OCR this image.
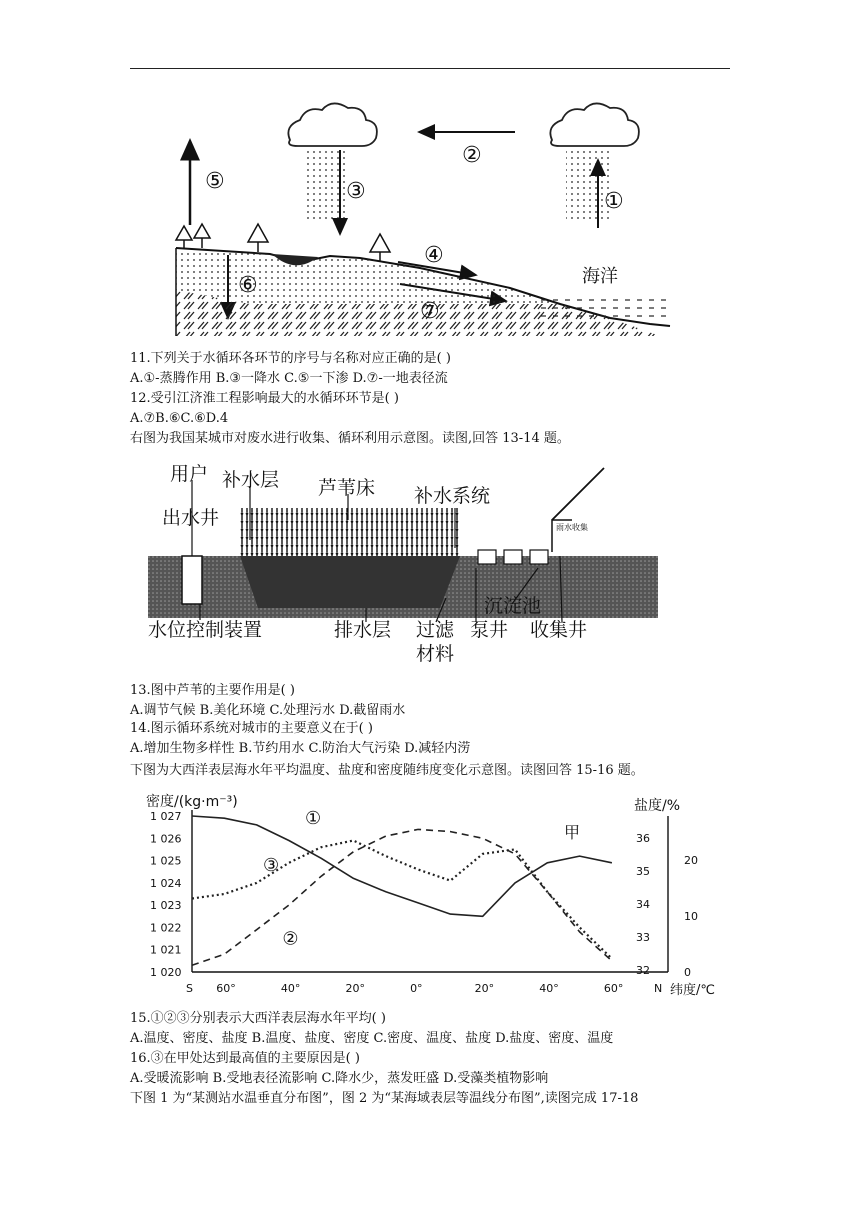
⑤	③
②
①
⑥
④
⑦
海洋
11.下列关于水循环各环节的序号与名称对应正确的是( )
A.①-蒸腾作用 B.③一降水 C.⑤一下渗 D.⑦-一地表径流
12.受引江济淮工程影响最大的水循环环节是( )
A.⑦B.⑥C.⑥D.4
右图为我国某城市对废水进行收集、循环利用示意图。读图,回答 13-14 题。
用户 补水层 芦苇床 补水系统
出水井	雨水收集
水位控制装置	排水层 过滤
材料
泵井
沉淀池
收集井
13.图中芦苇的主要作用是( )
A.调节气候 B.美化环境 C.处理污水 D.截留雨水
14.图示循环系统对城市的主要意义在于( )
A.增加生物多样性 B.节约用水 C.防治大气污染 D.减轻内涝
下图为大西洋表层海水年平均温度、盐度和密度随纬度变化示意图。读图回答 15-16 题。
①
②
③
1 027
1 026
1 025
1 024
1 023
1 022
1 021
1 020
S 60°	40°	20°	0°	20°	40°	60°	N
36
35
34
33
32
20
10
0
密度/(kg·m⁻³)	盐度/%
纬度/℃
甲
15.①②③分别表示大西洋表层海水年平均( )
A.温度、密度、盐度 B.温度、盐度、密度 C.密度、温度、盐度 D.盐度、密度、温度
16.③在甲处达到最高值的主要原因是( )
A.受暖流影响 B.受地表径流影响 C.降水少，蒸发旺盛 D.受藻类植物影响
下图 1 为“某测站水温垂直分布图”，图 2 为“某海域表层等温线分布图”,读图完成 17-18
